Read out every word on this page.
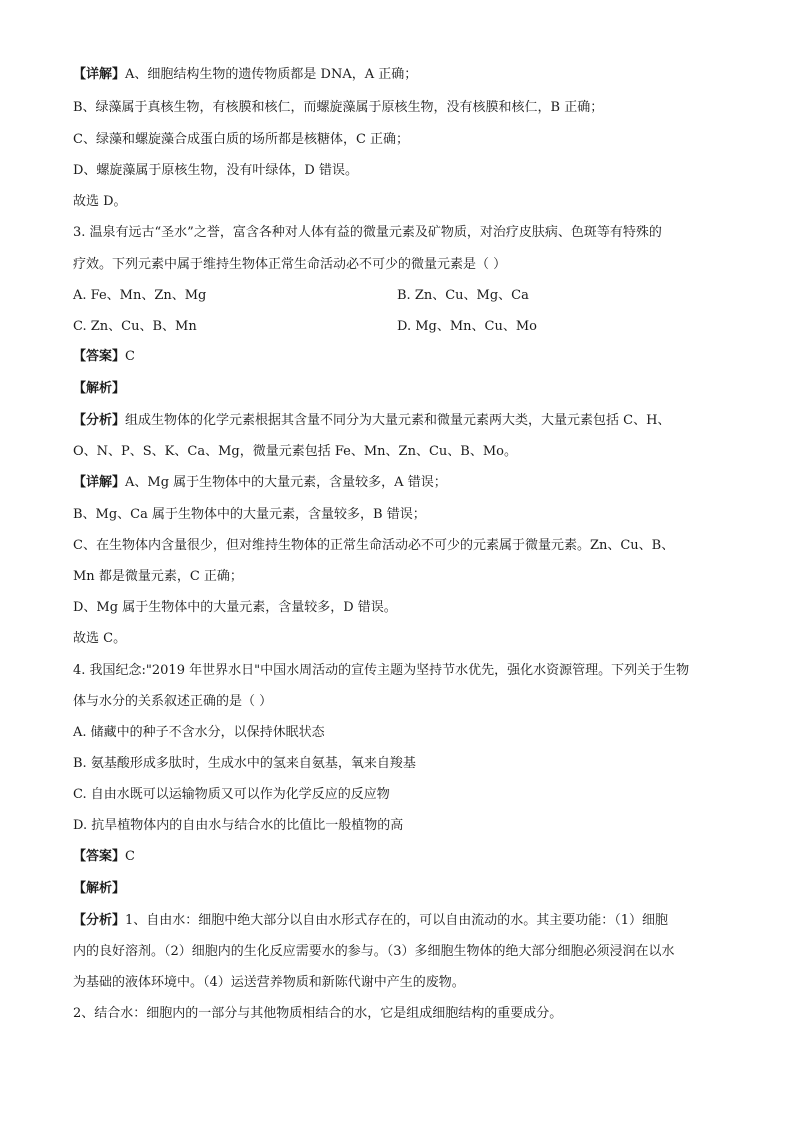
【详解】A、细胞结构生物的遗传物质都是 DNA，A 正确；
B、绿藻属于真核生物，有核膜和核仁，而螺旋藻属于原核生物，没有核膜和核仁，B 正确；
C、绿藻和螺旋藻合成蛋白质的场所都是核糖体，C 正确；
D、螺旋藻属于原核生物，没有叶绿体，D 错误。
故选 D。
3. 温泉有远古“圣水”之誉，富含各种对人体有益的微量元素及矿物质，对治疗皮肤病、色斑等有特殊的
疗效。下列元素中属于维持生物体正常生命活动必不可少的微量元素是（ ）
A. Fe、Mn、Zn、Mg	B. Zn、Cu、Mg、Ca
C. Zn、Cu、B、Mn	D. Mg、Mn、Cu、Mo
【答案】C
【解析】
【分析】组成生物体的化学元素根据其含量不同分为大量元素和微量元素两大类，大量元素包括 C、H、
O、N、P、S、K、Ca、Mg，微量元素包括 Fe、Mn、Zn、Cu、B、Mo。
【详解】A、Mg 属于生物体中的大量元素，含量较多，A 错误；
B、Mg、Ca 属于生物体中的大量元素，含量较多，B 错误；
C、在生物体内含量很少，但对维持生物体的正常生命活动必不可少的元素属于微量元素。Zn、Cu、B、
Mn 都是微量元素，C 正确；
D、Mg 属于生物体中的大量元素，含量较多，D 错误。
故选 C。
4. 我国纪念:"2019 年世界水日"中国水周活动的宣传主题为坚持节水优先，强化水资源管理。下列关于生物
体与水分的关系叙述正确的是（ ）
A. 储藏中的种子不含水分，以保持休眠状态
B. 氨基酸形成多肽时，生成水中的氢来自氨基，氧来自羧基
C. 自由水既可以运输物质又可以作为化学反应的反应物
D. 抗旱植物体内的自由水与结合水的比值比一般植物的高
【答案】C
【解析】
【分析】1、自由水：细胞中绝大部分以自由水形式存在的，可以自由流动的水。其主要功能：（1）细胞
内的良好溶剂。（2）细胞内的生化反应需要水的参与。（3）多细胞生物体的绝大部分细胞必须浸润在以水
为基础的液体环境中。（4）运送营养物质和新陈代谢中产生的废物。
2、结合水：细胞内的一部分与其他物质相结合的水，它是组成细胞结构的重要成分。
